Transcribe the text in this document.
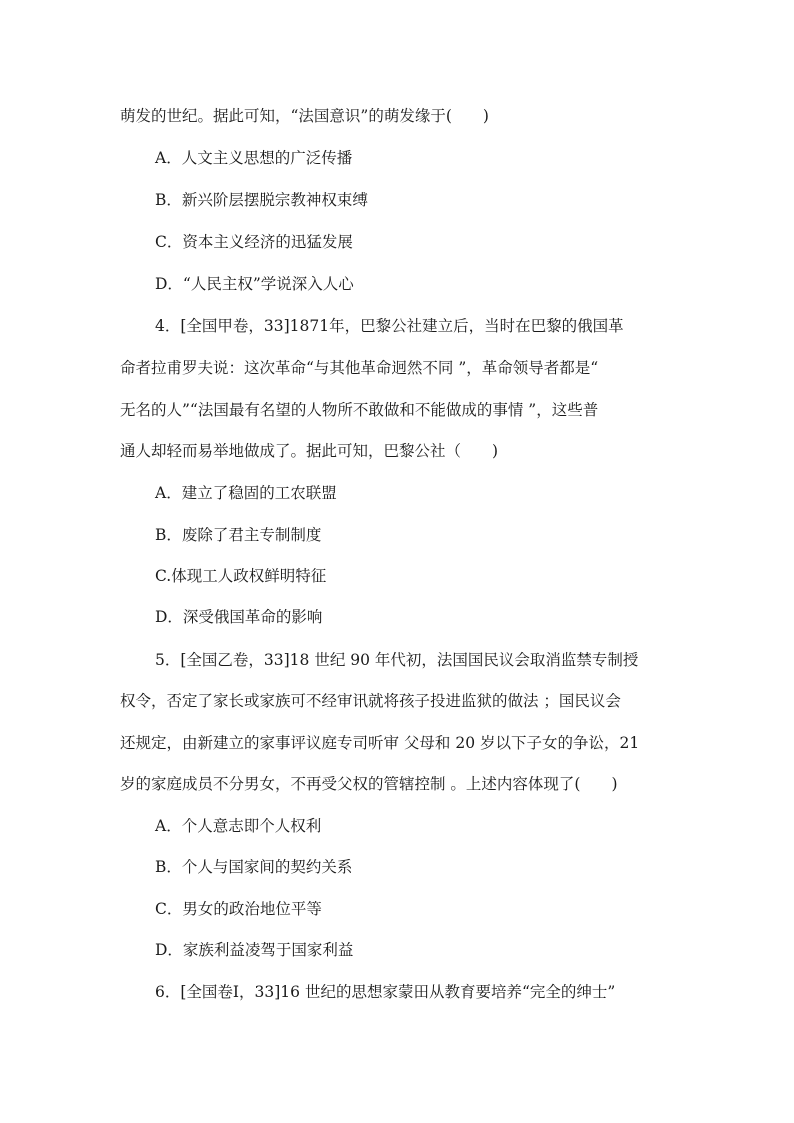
萌发的世纪。据此可知，“法国意识”的萌发缘于(　　)
A．人文主义思想的广泛传播
B．新兴阶层摆脱宗教神权束缚
C．资本主义经济的迅猛发展
D．“人民主权”学说深入人心
4．[全国甲卷，33]1871年，巴黎公社建立后，当时在巴黎的俄国革
命者拉甫罗夫说：这次革命“与其他革命迥然不同 ”，革命领导者都是“
无名的人”“法国最有名望的人物所不敢做和不能做成的事情 ”，这些普
通人却轻而易举地做成了。据此可知，巴黎公社（　　)
A．建立了稳固的工农联盟
B．废除了君主专制制度
C.体现工人政权鲜明特征
D．深受俄国革命的影响
5．[全国乙卷，33]18 世纪 90 年代初，法国国民议会取消监禁专制授
权令，否定了家长或家族可不经审讯就将孩子投进监狱的做法 ；国民议会
还规定，由新建立的家事评议庭专司听审 父母和 20 岁以下子女的争讼，21
岁的家庭成员不分男女，不再受父权的管辖控制 。上述内容体现了(　　)
A．个人意志即个人权利
B．个人与国家间的契约关系
C．男女的政治地位平等
D．家族利益凌驾于国家利益
6．[全国卷Ⅰ，33]16 世纪的思想家蒙田从教育要培养“完全的绅士”
